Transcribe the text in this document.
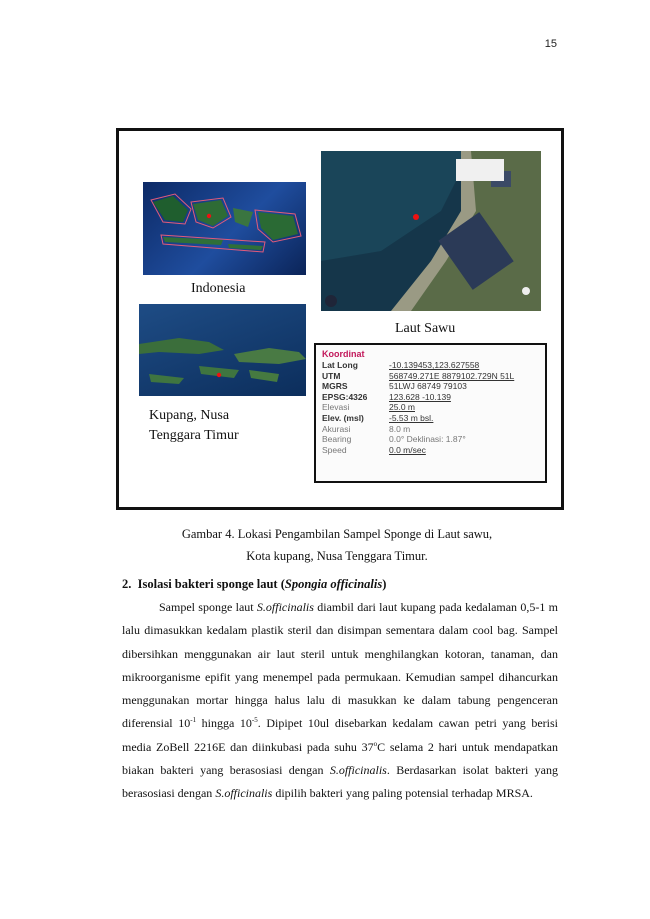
15
Indonesia
Kupang, Nusa
Tenggara Timur
Laut Sawu
Koordinat
Lat Long	-10.139453,123.627558
UTM	568749.271E 8879102.729N 51L
MGRS	51LWJ 68749 79103
EPSG:4326	123.628 -10.139
Elevasi	25.0 m
Elev. (msl)	-5.53 m bsl.
Akurasi	8.0 m
Bearing	0.0° Deklinasi: 1.87°
Speed	0.0 m/sec
Gambar 4. Lokasi Pengambilan Sampel Sponge di Laut sawu,
Kota kupang, Nusa Tenggara Timur.
2. Isolasi bakteri sponge laut (Spongia officinalis)

Sampel sponge laut S.officinalis diambil dari laut kupang pada kedalaman 0,5-1 m lalu dimasukkan kedalam plastik steril dan disimpan sementara dalam cool bag. Sampel dibersihkan menggunakan air laut steril untuk menghilangkan kotoran, tanaman, dan mikroorganisme epifit yang menempel pada permukaan. Kemudian sampel dihancurkan menggunakan mortar hingga halus lalu di masukkan ke dalam tabung pengenceran diferensial $10^{-1}$ hingga $10^{-5}$. Dipipet 10ul disebarkan kedalam cawan petri yang berisi media ZoBell 2216E dan diinkubasi pada suhu 37$^o$C selama 2 hari untuk mendapatkan biakan bakteri yang berasosiasi dengan S.officinalis. Berdasarkan isolat bakteri yang berasosiasi dengan S.officinalis dipilih bakteri yang paling potensial terhadap MRSA.
